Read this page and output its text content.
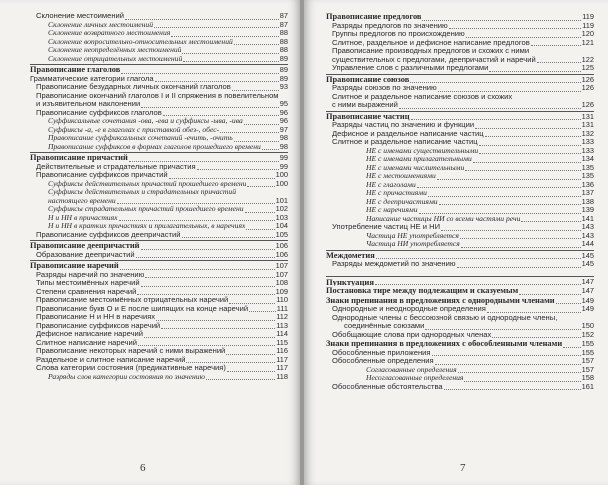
Склонение местоимений	87
Склонение личных местоимений	87
Склонение возвратного местоимения	88
Склонение вопросительно-относительных местоимений	88
Склонение неопределённых местоимений	88
Склонение отрицательных местоимений	89
Правописание глаголов	89
Грамматические категории глагола	89
Правописание безударных личных окончаний глаголов	93
Правописание окончаний глаголов I и II спряжения в повелительном
и изъявительном наклонении	95
Правописание суффиксов глаголов	96
Суффиксальные сочетания -ова, -ева и суффиксы -ыва, -ива	96
Суффиксы -а, -е в глаголах с приставкой обез-, обес-	97
Правописание суффиксальных сочетаний -ечить, -очить	98
Правописание суффиксов в формах глаголов прошедшего времени	98
Правописание причастий	99
Действительные и страдательные причастия	99
Правописание суффиксов причастий	100
Суффиксы действительных причастий прошедшего времени	100
Суффиксы действительных и страдательных причастий
настоящего времени	101
Суффиксы страдательных причастий прошедшего времени	102
Н и НН в причастиях	103
Н и НН в кратких причастиях и прилагательных, в наречиях	104
Правописание суффиксов деепричастий	105
Правописание деепричастий	106
Образование деепричастий	106
Правописание наречий	107
Разряды наречий по значению	107
Типы местоимённых наречий	108
Степени сравнения наречий	109
Правописание местоимённых отрицательных наречий	110
Правописание букв О и Е после шипящих на конце наречий	111
Правописание Н и НН в наречиях	112
Правописание суффиксов наречий	113
Дефисное написание наречий	114
Слитное написание наречий	115
Правописание некоторых наречий с ними выражений	116
Раздельное и слитное написание наречий	117
Слова категории состояния (предикативные наречия)	117
Разряды слов категории состояния по значению	118
6
Правописание предлогов	119
Разряды предлогов по значению	119
Группы предлогов по происхождению	120
Слитное, раздельное и дефисное написание предлогов	121
Правописание производных предлогов и схожих с ними
существительных с предлогами, деепричастий и наречий	122
Управление слов с различными предлогами	125
Правописание союзов	126
Разряды союзов по значению	126
Слитное и раздельное написание союзов и схожих
с ними выражений	126
Правописание частиц	131
Разряды частиц по значению и функции	131
Дефисное и раздельное написание частиц	132
Слитное и раздельное написание частиц	133
НЕ с именами существительными	133
НЕ с именами прилагательными	134
НЕ с именами числительными	135
НЕ с местоимениями	135
НЕ с глаголами	136
НЕ с причастиями	137
НЕ с деепричастиями	138
НЕ с наречиями	139
Написание частицы НИ со всеми частями речи	141
Употребление частиц НЕ и НИ	143
Частица НЕ употребляется	143
Частица НИ употребляется	144
Междометия	145
Разряды междометий по значению	145
Пунктуация	147
Постановка тире между подлежащим и сказуемым	147
Знаки препинания в предложениях с однородными членами	149
Однородные и неоднородные определения	149
Однородные члены с бессоюзной связью и однородные члены,
соединённые союзами	150
Обобщающие слова при однородных членах	152
Знаки препинания в предложениях с обособленными членами	155
Обособленные приложения	155
Обособленные определения	157
Согласованные определения	157
Несогласованные определения	158
Обособленные обстоятельства	161
7
